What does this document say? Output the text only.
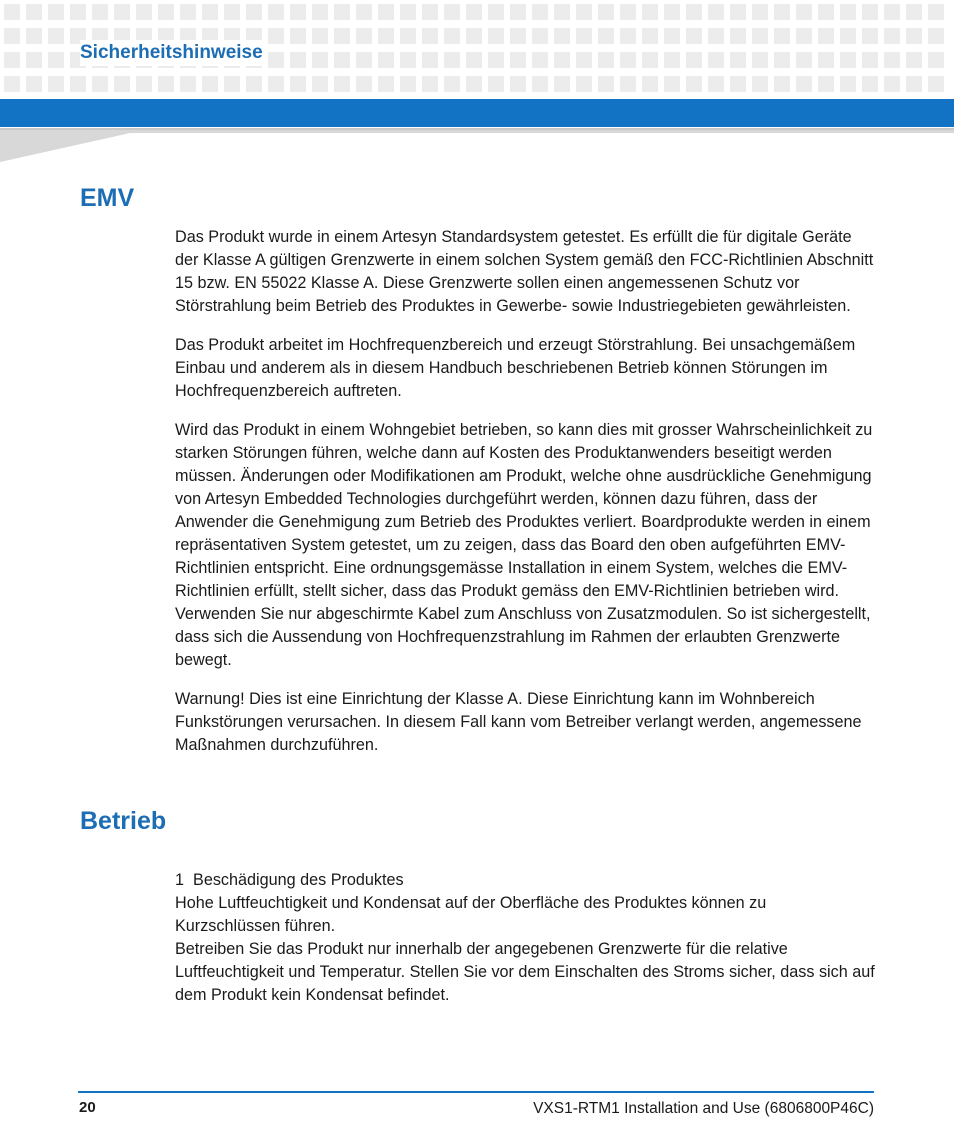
Sicherheitshinweise
EMV

Das Produkt wurde in einem Artesyn Standardsystem getestet. Es erfüllt die für digitale Geräte der Klasse A gültigen Grenzwerte in einem solchen System gemäß den FCC-Richtlinien Abschnitt 15 bzw. EN 55022 Klasse A. Diese Grenzwerte sollen einen angemessenen Schutz vor Störstrahlung beim Betrieb des Produktes in Gewerbe- sowie Industriegebieten gewährleisten.

Das Produkt arbeitet im Hochfrequenzbereich und erzeugt Störstrahlung. Bei unsachgemäßem Einbau und anderem als in diesem Handbuch beschriebenen Betrieb können Störungen im Hochfrequenzbereich auftreten.

Wird das Produkt in einem Wohngebiet betrieben, so kann dies mit grosser Wahrscheinlichkeit zu starken Störungen führen, welche dann auf Kosten des Produktanwenders beseitigt werden müssen. Änderungen oder Modifikationen am Produkt, welche ohne ausdrückliche Genehmigung von Artesyn Embedded Technologies durchgeführt werden, können dazu führen, dass der Anwender die Genehmigung zum Betrieb des Produktes verliert. Boardprodukte werden in einem repräsentativen System getestet, um zu zeigen, dass das Board den oben aufgeführten EMV-Richtlinien entspricht. Eine ordnungsgemässe Installation in einem System, welches die EMV-Richtlinien erfüllt, stellt sicher, dass das Produkt gemäss den EMV-Richtlinien betrieben wird. Verwenden Sie nur abgeschirmte Kabel zum Anschluss von Zusatzmodulen. So ist sichergestellt, dass sich die Aussendung von Hochfrequenzstrahlung im Rahmen der erlaubten Grenzwerte bewegt.

Warnung! Dies ist eine Einrichtung der Klasse A. Diese Einrichtung kann im Wohnbereich Funkstörungen verursachen. In diesem Fall kann vom Betreiber verlangt werden, angemessene Maßnahmen durchzuführen.

Betrieb
1 Beschädigung des Produktes
Hohe Luftfeuchtigkeit und Kondensat auf der Oberfläche des Produktes können zu Kurzschlüssen führen.
Betreiben Sie das Produkt nur innerhalb der angegebenen Grenzwerte für die relative Luftfeuchtigkeit und Temperatur. Stellen Sie vor dem Einschalten des Stroms sicher, dass sich auf dem Produkt kein Kondensat befindet.
20	VXS1-RTM1 Installation and Use (6806800P46C)
